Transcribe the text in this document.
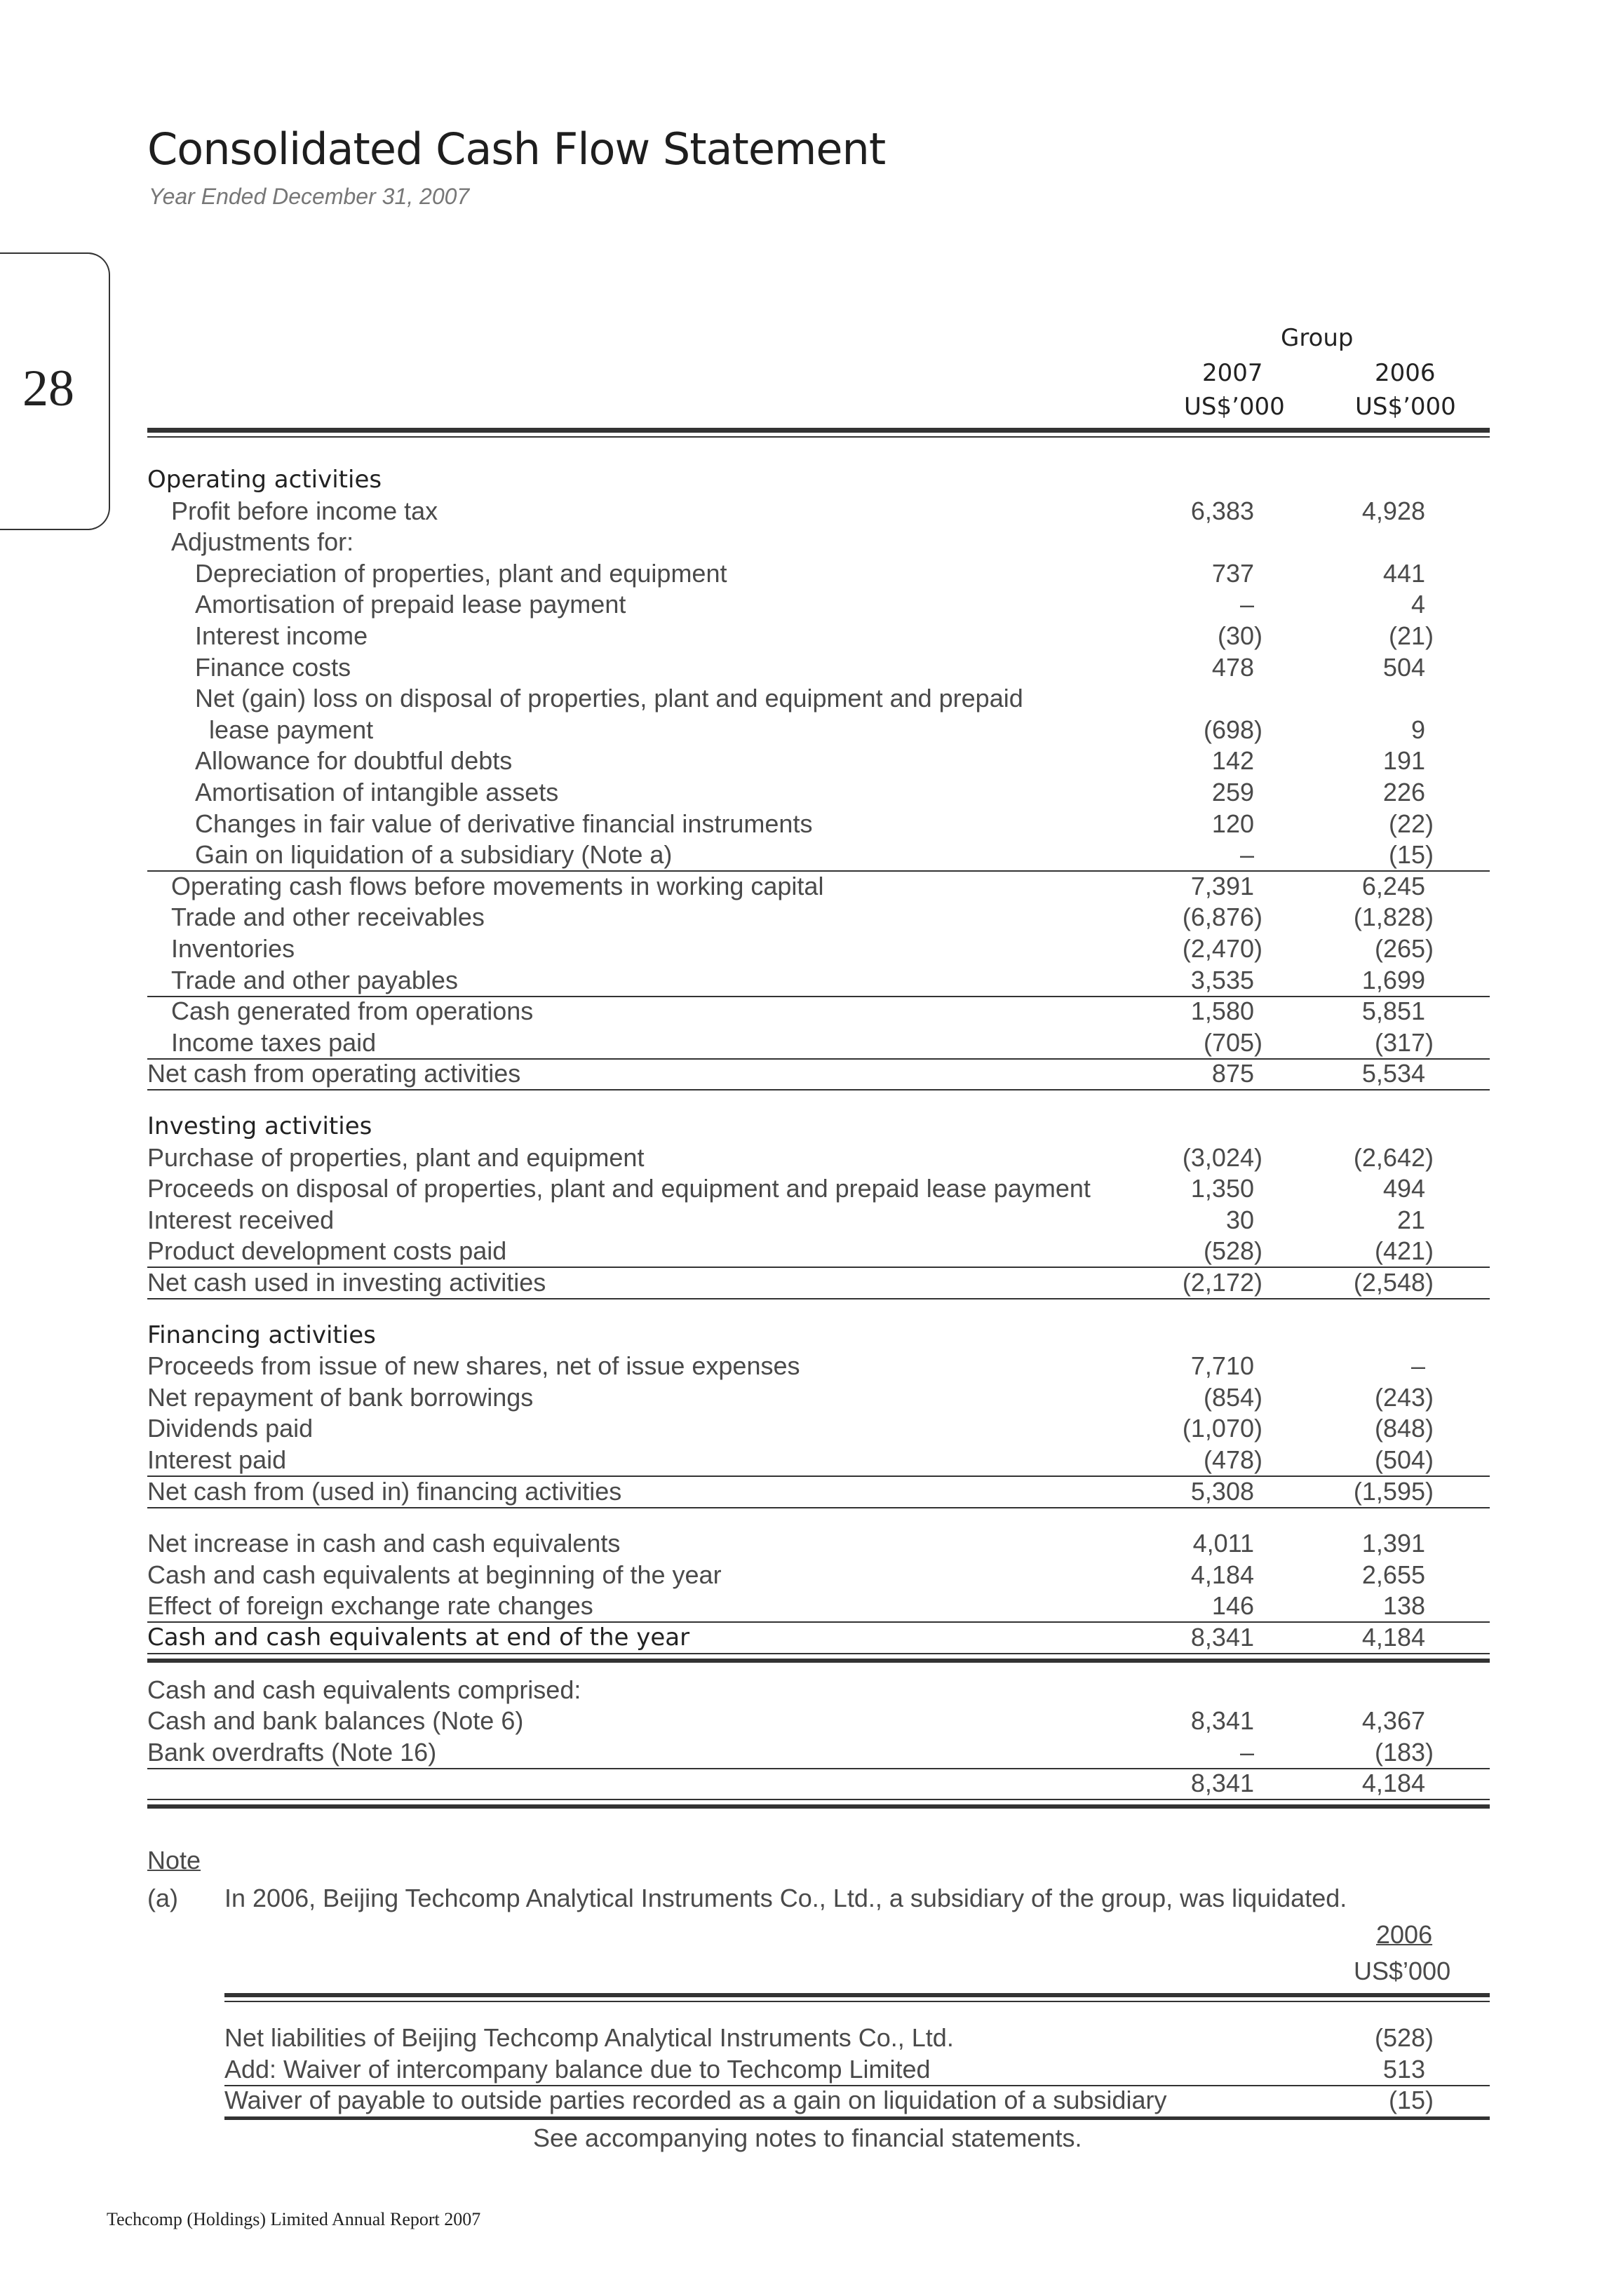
Consolidated Cash Flow Statement
Year Ended December 31, 2007
28
Group
2007	2006
US$’000	US$’000
Operating activities
Profit before income tax	6,383	4,928
Adjustments for:
Depreciation of properties, plant and equipment	737	441
Amortisation of prepaid lease payment	–	4
Interest income	(30)	(21)
Finance costs	478	504
Net (gain) loss on disposal of properties, plant and equipment and prepaid
lease payment	(698)	9
Allowance for doubtful debts	142	191
Amortisation of intangible assets	259	226
Changes in fair value of derivative financial instruments	120	(22)
Gain on liquidation of a subsidiary (Note a)	–	(15)
Operating cash flows before movements in working capital	7,391	6,245
Trade and other receivables	(6,876)	(1,828)
Inventories	(2,470)	(265)
Trade and other payables	3,535	1,699
Cash generated from operations	1,580	5,851
Income taxes paid	(705)	(317)
Net cash from operating activities	875	5,534
Investing activities
Purchase of properties, plant and equipment	(3,024)	(2,642)
Proceeds on disposal of properties, plant and equipment and prepaid lease payment	1,350	494
Interest received	30	21
Product development costs paid	(528)	(421)
Net cash used in investing activities	(2,172)	(2,548)
Financing activities
Proceeds from issue of new shares, net of issue expenses	7,710	–
Net repayment of bank borrowings	(854)	(243)
Dividends paid	(1,070)	(848)
Interest paid	(478)	(504)
Net cash from (used in) financing activities	5,308	(1,595)
Net increase in cash and cash equivalents	4,011	1,391
Cash and cash equivalents at beginning of the year	4,184	2,655
Effect of foreign exchange rate changes	146	138
Cash and cash equivalents at end of the year	8,341	4,184
Cash and cash equivalents comprised:
Cash and bank balances (Note 6)	8,341	4,367
Bank overdrafts (Note 16)	–	(183)
8,341	4,184
Note
(a) In 2006, Beijing Techcomp Analytical Instruments Co., Ltd., a subsidiary of the group, was liquidated.
2006
US$’000
Net liabilities of Beijing Techcomp Analytical Instruments Co., Ltd.	(528)
Add: Waiver of intercompany balance due to Techcomp Limited	513
Waiver of payable to outside parties recorded as a gain on liquidation of a subsidiary	(15)
See accompanying notes to financial statements.
Techcomp (Holdings) Limited Annual Report 2007
